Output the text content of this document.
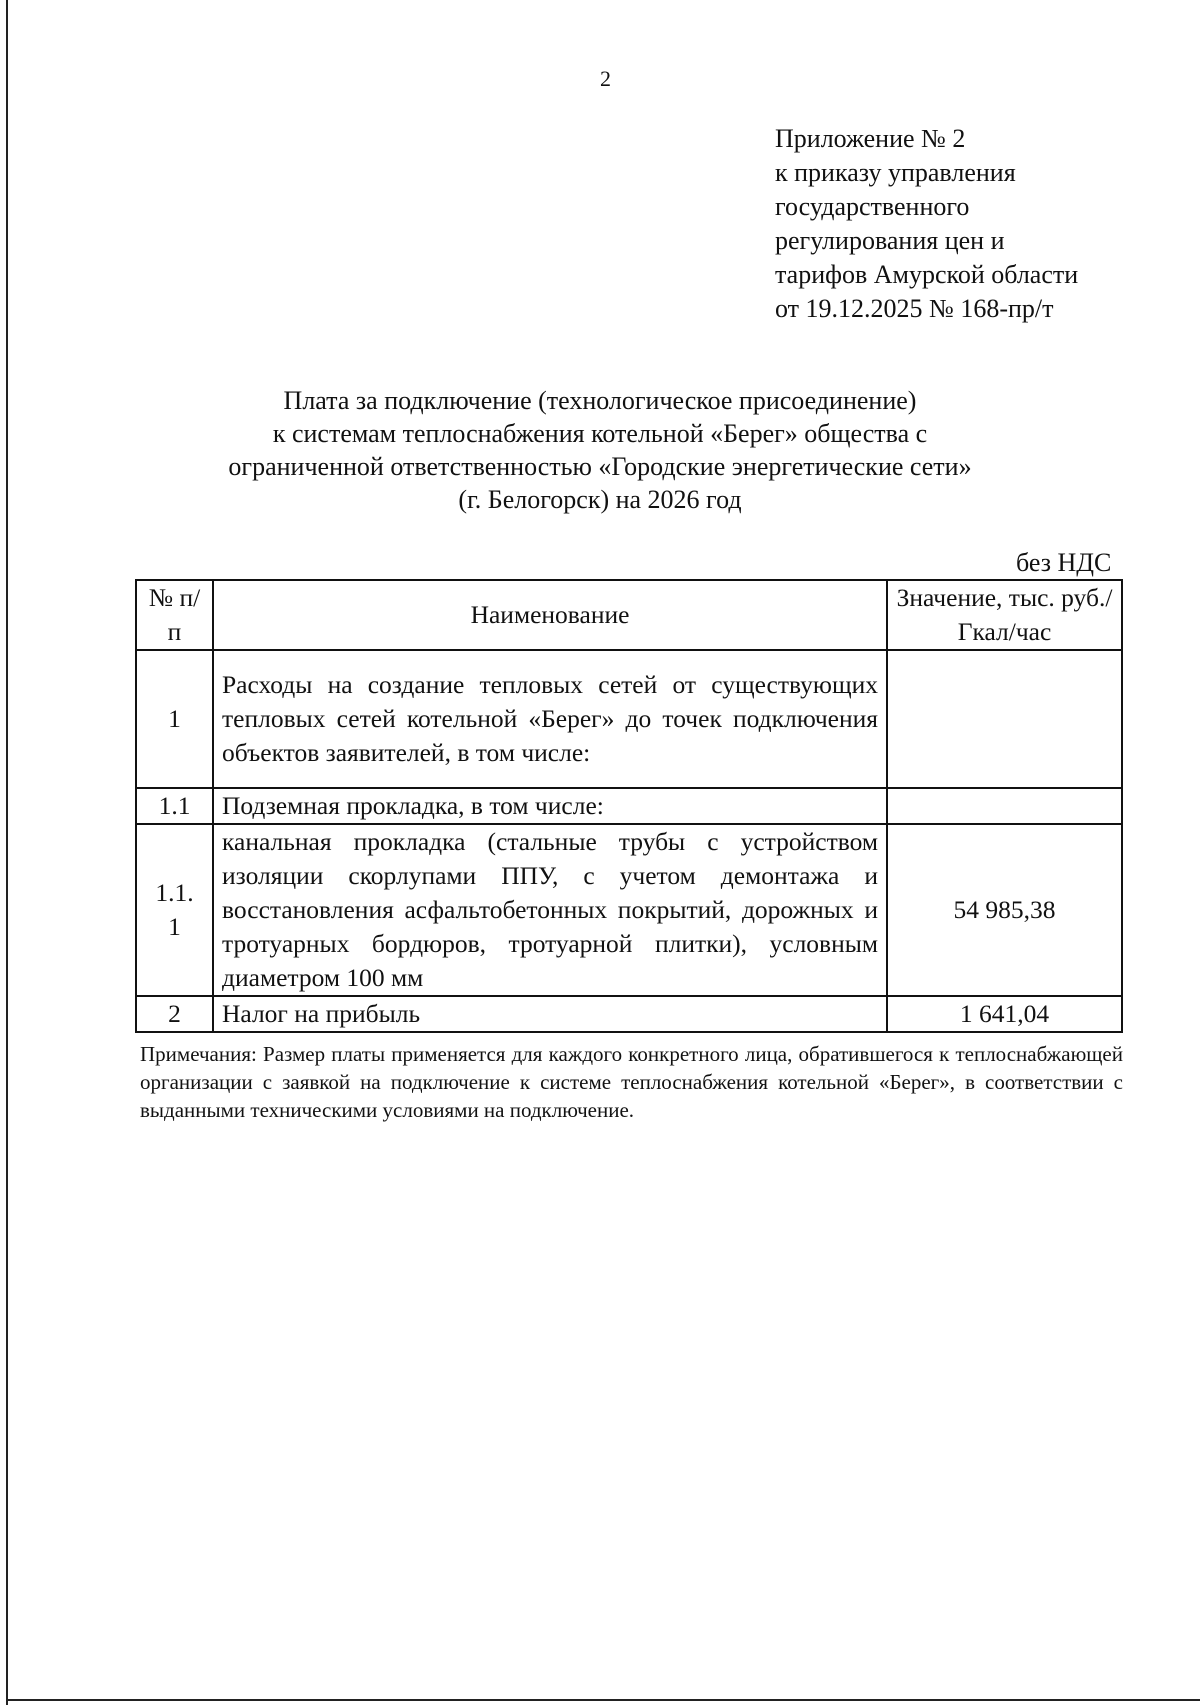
2
Приложение № 2
к приказу управления
государственного
регулирования цен и
тарифов Амурской области
от 19.12.2025 № 168-пр/т
Плата за подключение (технологическое присоединение)
к системам теплоснабжения котельной «Берег» общества с
ограниченной ответственностью «Городские энергетические сети»
(г. Белогорск) на 2026 год
без НДС
№ п/п	Наименование	Значение, тыс. руб./Гкал/час
1	Расходы на создание тепловых сетей от существующих тепловых сетей котельной «Берег» до точек подключения объектов заявителей, в том числе:	
1.1	Подземная прокладка, в том числе:	
1.1.1	канальная прокладка (стальные трубы с устройством изоляции скорлупами ППУ, с учетом демонтажа и восстановления асфальтобетонных покрытий, дорожных и тротуарных бордюров, тротуарной плитки), условным диаметром 100 мм	54 985,38
2	Налог на прибыль	1 641,04
Примечания: Размер платы применяется для каждого конкретного лица, обратившегося к теплоснабжающей организации с заявкой на подключение к системе теплоснабжения котельной «Берег», в соответствии с выданными техническими условиями на подключение.
